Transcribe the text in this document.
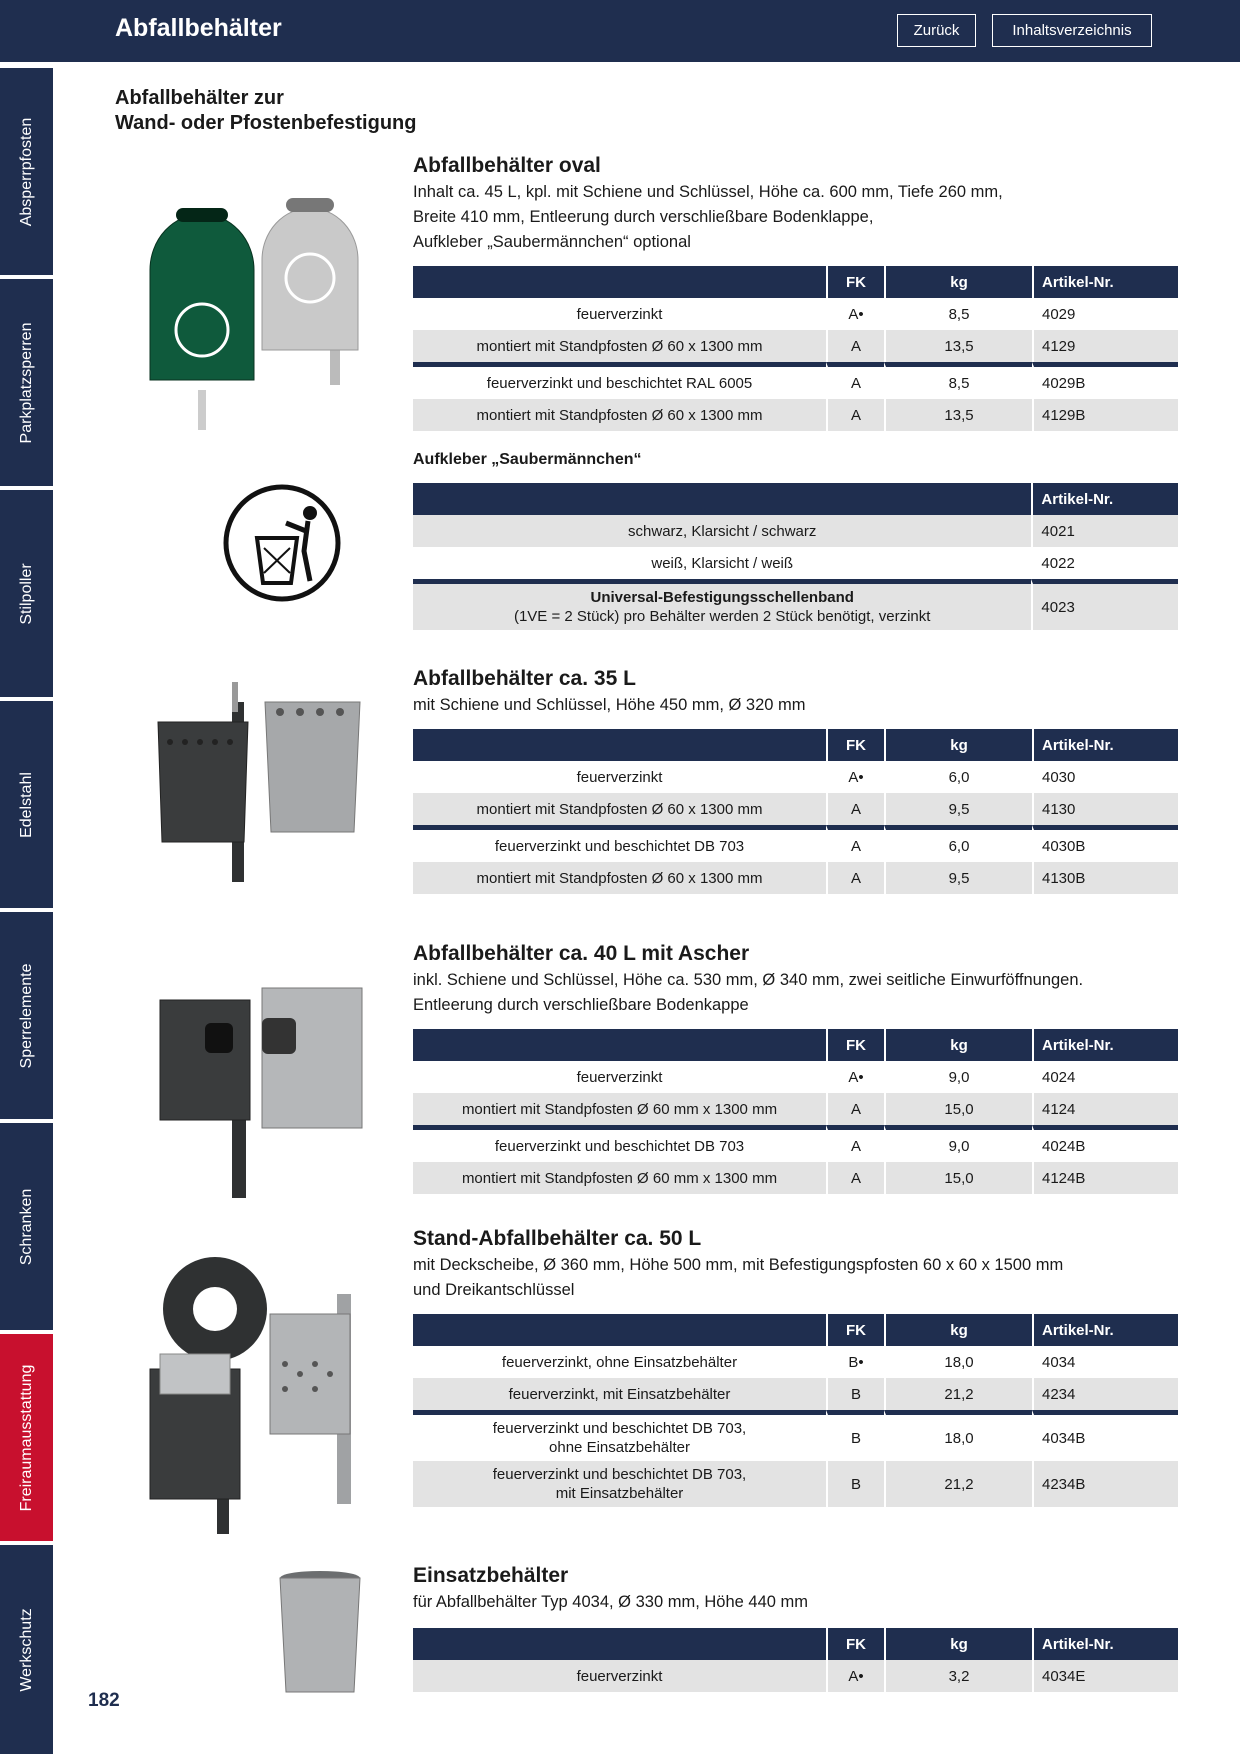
Abfallbehälter	Zurück	Inhaltsverzeichnis
Absperrpfosten
Parkplatzsperren
Stilpoller
Edelstahl
Sperrelemente
Schranken
Freiraumausstattung
Werkschutz
182
Abfallbehälter zur
Wand- oder Pfostenbefestigung
Abfallbehälter oval
Inhalt ca. 45 L, kpl. mit Schiene und Schlüssel, Höhe ca. 600 mm, Tiefe 260 mm,
Breite 410 mm, Entleerung durch verschließbare Bodenklappe,
Aufkleber „Saubermännchen“ optional
	FK	kg	Artikel-Nr.
feuerverzinkt	A•	8,5	4029
montiert mit Standpfosten Ø 60 x 1300 mm	A	13,5	4129
feuerverzinkt und beschichtet RAL 6005	A	8,5	4029B
montiert mit Standpfosten Ø 60 x 1300 mm	A	13,5	4129B
Aufkleber „Saubermännchen“
	Artikel-Nr.
schwarz, Klarsicht / schwarz	4021
weiß, Klarsicht / weiß	4022
Universal-Befestigungsschellenband
(1VE = 2 Stück) pro Behälter werden 2 Stück benötigt, verzinkt	4023
Abfallbehälter ca. 35 L
mit Schiene und Schlüssel, Höhe 450 mm, Ø 320 mm
	FK	kg	Artikel-Nr.
feuerverzinkt	A•	6,0	4030
montiert mit Standpfosten Ø 60 x 1300 mm	A	9,5	4130
feuerverzinkt und beschichtet DB 703	A	6,0	4030B
montiert mit Standpfosten Ø 60 x 1300 mm	A	9,5	4130B
Abfallbehälter ca. 40 L mit Ascher
inkl. Schiene und Schlüssel, Höhe ca. 530 mm, Ø 340 mm, zwei seitliche Einwurföffnungen.
Entleerung durch verschließbare Bodenkappe
	FK	kg	Artikel-Nr.
feuerverzinkt	A•	9,0	4024
montiert mit Standpfosten Ø 60 mm x 1300 mm	A	15,0	4124
feuerverzinkt und beschichtet DB 703	A	9,0	4024B
montiert mit Standpfosten Ø 60 mm x 1300 mm	A	15,0	4124B
Stand-Abfallbehälter ca. 50 L
mit Deckscheibe, Ø 360 mm, Höhe 500 mm, mit Befestigungspfosten 60 x 60 x 1500 mm
und Dreikantschlüssel
	FK	kg	Artikel-Nr.
feuerverzinkt, ohne Einsatzbehälter	B•	18,0	4034
feuerverzinkt, mit Einsatzbehälter	B	21,2	4234
feuerverzinkt und beschichtet DB 703,
ohne Einsatzbehälter	B	18,0	4034B
feuerverzinkt und beschichtet DB 703,
mit Einsatzbehälter	B	21,2	4234B
Einsatzbehälter
für Abfallbehälter Typ 4034, Ø 330 mm, Höhe 440 mm
	FK	kg	Artikel-Nr.
feuerverzinkt	A•	3,2	4034E
